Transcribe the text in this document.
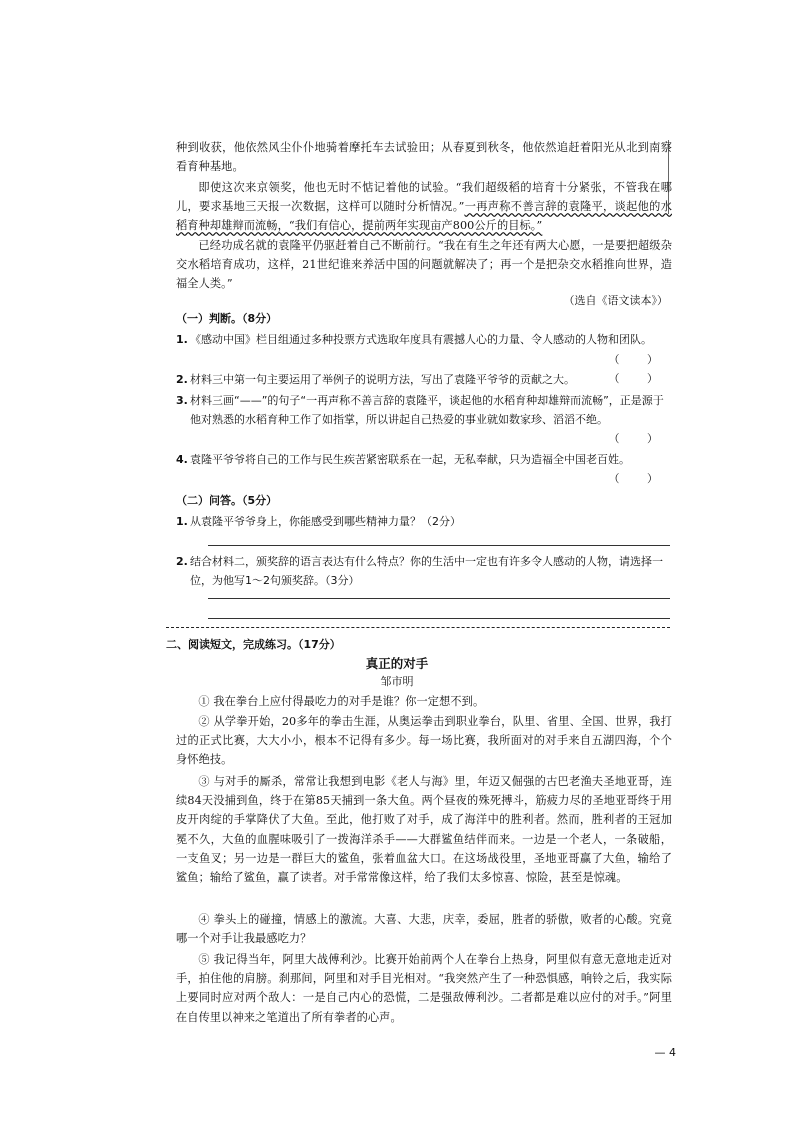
种到收获，他依然风尘仆仆地骑着摩托车去试验田；从春夏到秋冬，他依然追赶着阳光从北到南察看育种基地。
即使这次来京领奖，他也无时不惦记着他的试验。“我们超级稻的培育十分紧张，不管我在哪儿，要求基地三天报一次数据，这样可以随时分析情况。”一再声称不善言辞的袁隆平，谈起他的水稻育种却雄辩而流畅，“我们有信心，提前两年实现亩产800公斤的目标。”
已经功成名就的袁隆平仍驱赶着自己不断前行。“我在有生之年还有两大心愿，一是要把超级杂交水稻培育成功，这样，21世纪谁来养活中国的问题就解决了；再一个是把杂交水稻推向世界，造福全人类。”
（选自《语文读本》）
（一）判断。（8分）
1. 《感动中国》栏目组通过多种投票方式选取年度具有震撼人心的力量、令人感动的人物和团队。
（ ）
2. 材料三中第一句主要运用了举例子的说明方法，写出了袁隆平爷爷的贡献之大。	（ ）
3. 材料三画“——”的句子“一再声称不善言辞的袁隆平，谈起他的水稻育种却雄辩而流畅”，正是源于他对熟悉的水稻育种工作了如指掌，所以讲起自己热爱的事业就如数家珍、滔滔不绝。
（ ）
4. 袁隆平爷爷将自己的工作与民生疾苦紧密联系在一起，无私奉献，只为造福全中国老百姓。
（ ）
（二）问答。（5分）
1. 从袁隆平爷爷身上，你能感受到哪些精神力量？（2分）
2. 结合材料二，颁奖辞的语言表达有什么特点？你的生活中一定也有许多令人感动的人物，请选择一位，为他写1～2句颁奖辞。（3分）
二、阅读短文，完成练习。（17分）
真正的对手
邹市明
① 我在拳台上应付得最吃力的对手是谁？你一定想不到。
② 从学拳开始，20多年的拳击生涯，从奥运拳击到职业拳台，队里、省里、全国、世界，我打过的正式比赛，大大小小，根本不记得有多少。每一场比赛，我所面对的对手来自五湖四海，个个身怀绝技。
③ 与对手的厮杀，常常让我想到电影《老人与海》里，年迈又倔强的古巴老渔夫圣地亚哥，连续84天没捕到鱼，终于在第85天捕到一条大鱼。两个昼夜的殊死搏斗，筋疲力尽的圣地亚哥终于用皮开肉绽的手掌降伏了大鱼。至此，他打败了对手，成了海洋中的胜利者。然而，胜利者的王冠加冕不久，大鱼的血腥味吸引了一拨海洋杀手——大群鲨鱼结伴而来。一边是一个老人，一条破船，一支鱼叉；另一边是一群巨大的鲨鱼，张着血盆大口。在这场战役里，圣地亚哥赢了大鱼，输给了鲨鱼；输给了鲨鱼，赢了读者。对手常常像这样，给了我们太多惊喜、惊险，甚至是惊魂。
④ 拳头上的碰撞，情感上的激流。大喜、大悲，庆幸，委屈，胜者的骄傲，败者的心酸。究竟哪一个对手让我最感吃力？
⑤ 我记得当年，阿里大战傅利沙。比赛开始前两个人在拳台上热身，阿里似有意无意地走近对手，拍住他的肩膀。刹那间，阿里和对手目光相对。“我突然产生了一种恐惧感，响铃之后，我实际上要同时应对两个敌人：一是自己内心的恐慌，二是强敌傅利沙。二者都是难以应付的对手。”阿里在自传里以神来之笔道出了所有拳者的心声。
— 4
